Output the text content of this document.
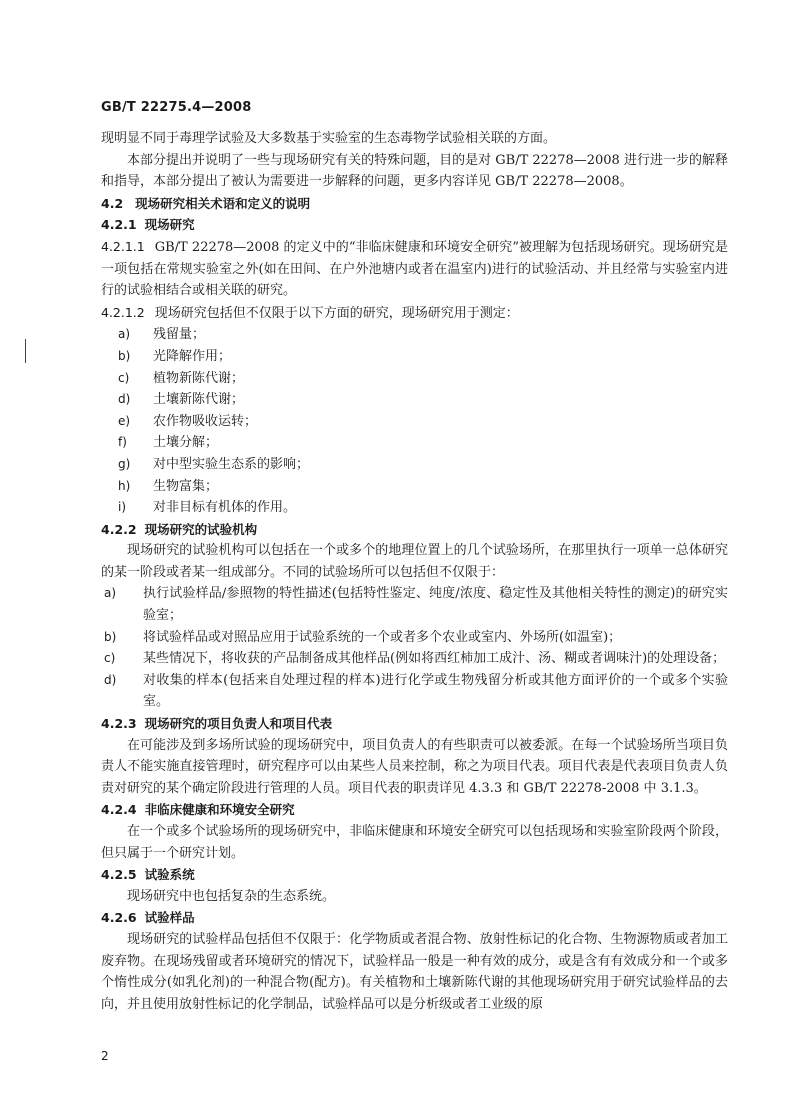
GB/T 22275.4—2008

现明显不同于毒理学试验及大多数基于实验室的生态毒物学试验相关联的方面。

本部分提出并说明了一些与现场研究有关的特殊问题，目的是对 GB/T 22278—2008 进行进一步的解释和指导，本部分提出了被认为需要进一步解释的问题，更多内容详见 GB/T 22278—2008。

4.2 现场研究相关术语和定义的说明

4.2.1 现场研究

4.2.1.1 GB/T 22278—2008 的定义中的“非临床健康和环境安全研究”被理解为包括现场研究。现场研究是一项包括在常规实验室之外(如在田间、在户外池塘内或者在温室内)进行的试验活动、并且经常与实验室内进行的试验相结合或相关联的研究。

4.2.1.2 现场研究包括但不仅限于以下方面的研究，现场研究用于测定：

a) 残留量；
b) 光降解作用；
c) 植物新陈代谢；
d) 土壤新陈代谢；
e) 农作物吸收运转；
f) 土壤分解；
g) 对中型实验生态系的影响；
h) 生物富集；
i) 对非目标有机体的作用。

4.2.2 现场研究的试验机构

现场研究的试验机构可以包括在一个或多个的地理位置上的几个试验场所，在那里执行一项单一总体研究的某一阶段或者某一组成部分。不同的试验场所可以包括但不仅限于：

a) 执行试验样品/参照物的特性描述(包括特性鉴定、纯度/浓度、稳定性及其他相关特性的测定)的研究实验室；
b) 将试验样品或对照品应用于试验系统的一个或者多个农业或室内、外场所(如温室)；
c) 某些情况下，将收获的产品制备成其他样品(例如将西红柿加工成汁、汤、糊或者调味汁)的处理设备；
d) 对收集的样本(包括来自处理过程的样本)进行化学或生物残留分析或其他方面评价的一个或多个实验室。

4.2.3 现场研究的项目负责人和项目代表

在可能涉及到多场所试验的现场研究中，项目负责人的有些职责可以被委派。在每一个试验场所当项目负责人不能实施直接管理时，研究程序可以由某些人员来控制，称之为项目代表。项目代表是代表项目负责人负责对研究的某个确定阶段进行管理的人员。项目代表的职责详见 4.3.3 和 GB/T 22278-2008 中 3.1.3。

4.2.4 非临床健康和环境安全研究

在一个或多个试验场所的现场研究中，非临床健康和环境安全研究可以包括现场和实验室阶段两个阶段，但只属于一个研究计划。

4.2.5 试验系统

现场研究中也包括复杂的生态系统。

4.2.6 试验样品

现场研究的试验样品包括但不仅限于：化学物质或者混合物、放射性标记的化合物、生物源物质或者加工废弃物。在现场残留或者环境研究的情况下，试验样品一般是一种有效的成分，或是含有有效成分和一个或多个惰性成分(如乳化剂)的一种混合物(配方)。有关植物和土壤新陈代谢的其他现场研究用于研究试验样品的去向，并且使用放射性标记的化学制品，试验样品可以是分析级或者工业级的原

2
